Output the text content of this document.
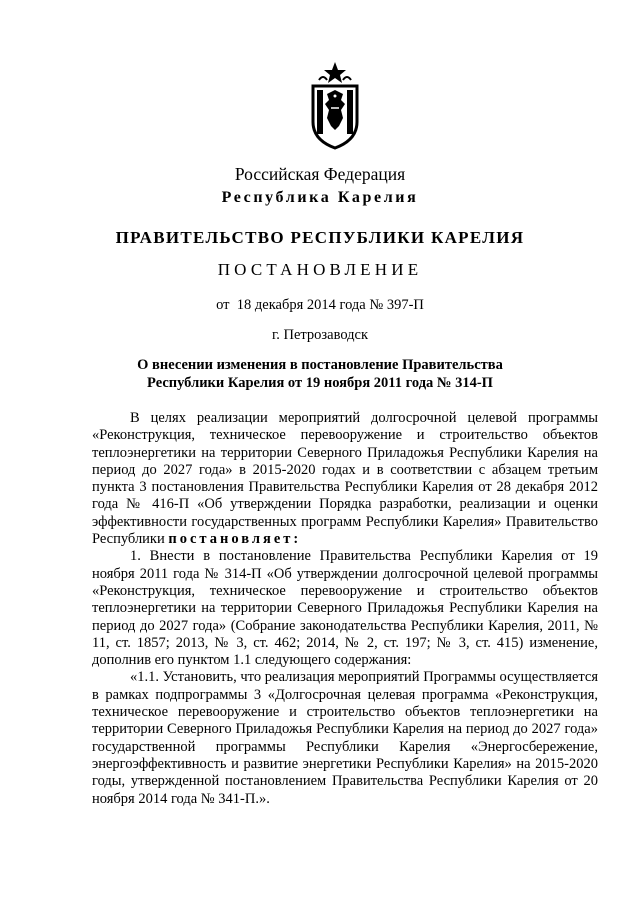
Российская Федерация
Республика Карелия
ПРАВИТЕЛЬСТВО РЕСПУБЛИКИ КАРЕЛИЯ
ПОСТАНОВЛЕНИЕ
от  18 декабря 2014 года № 397-П
г. Петрозаводск
О внесении изменения в постановление Правительства
Республики Карелия от 19 ноября 2011 года № 314-П

В целях реализации мероприятий долгосрочной целевой программы «Реконструкция, техническое перевооружение и строительство объектов теплоэнергетики на территории Северного Приладожья Республики Карелия на период до 2027 года» в 2015-2020 годах и в соответствии с абзацем третьим пункта 3 постановления Правительства Республики Карелия от 28 декабря 2012 года № 416-П «Об утверждении Порядка разработки, реализации и оценки эффективности государственных программ Республики Карелия» Правительство Республики постановляет:

1. Внести в постановление Правительства Республики Карелия от 19 ноября 2011 года № 314-П «Об утверждении долгосрочной целевой программы «Реконструкция, техническое перевооружение и строительство объектов теплоэнергетики на территории Северного Приладожья Республики Карелия на период до 2027 года» (Собрание законодательства Республики Карелия, 2011, № 11, ст. 1857; 2013, № 3, ст. 462; 2014, № 2, ст. 197; № 3, ст. 415) изменение, дополнив его пунктом 1.1 следующего содержания:

«1.1. Установить, что реализация мероприятий Программы осуществляется в рамках подпрограммы 3 «Долгосрочная целевая программа «Реконструкция, техническое перевооружение и строительство объектов теплоэнергетики на территории Северного Приладожья Республики Карелия на период до 2027 года» государственной программы Республики Карелия «Энергосбережение, энергоэффективность и развитие энергетики Республики Карелия» на 2015-2020 годы, утвержденной постановлением Правительства Республики Карелия от 20 ноября 2014 года № 341-П.».
